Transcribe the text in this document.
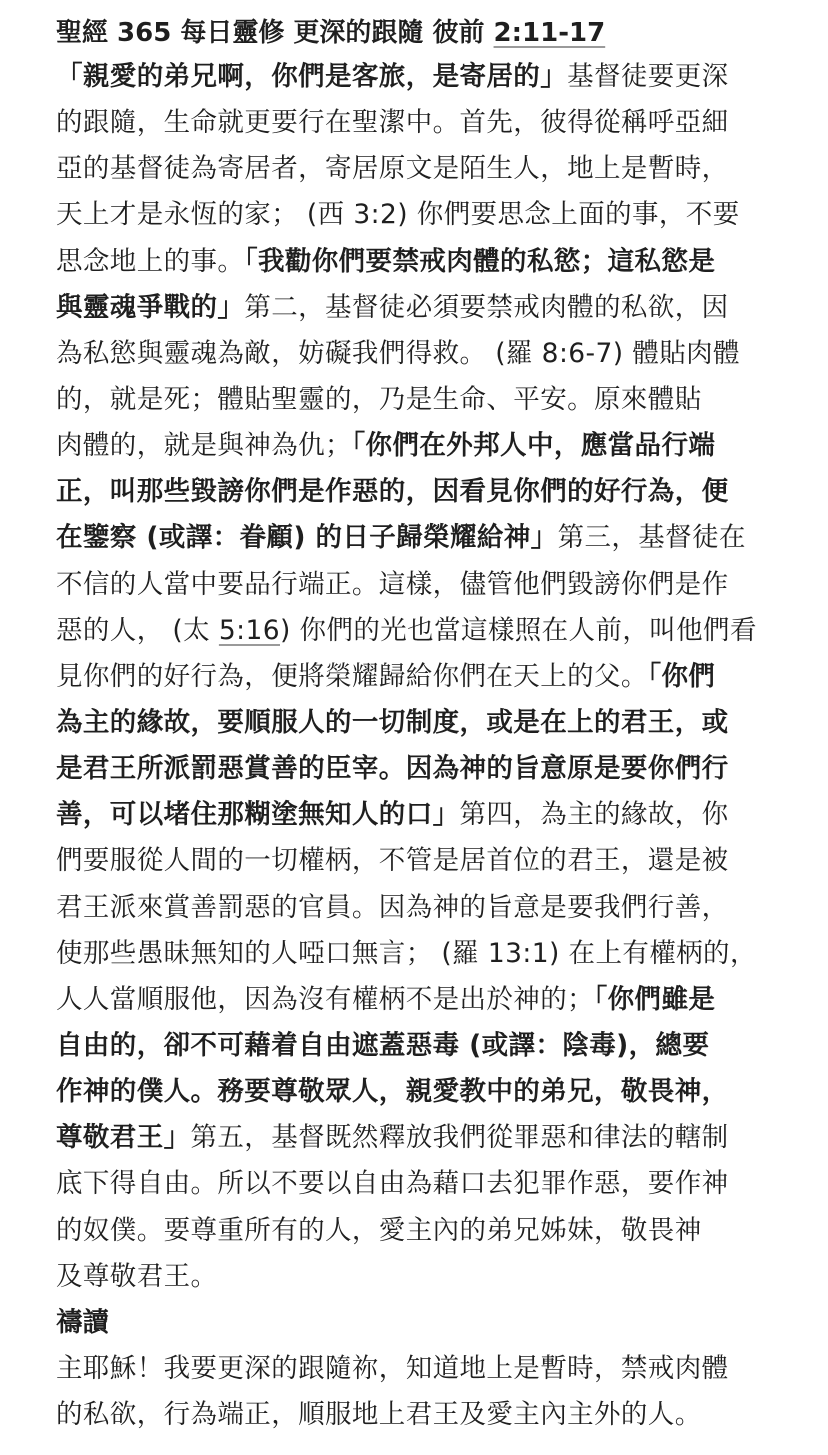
聖經 365 每日靈修 更深的跟隨 彼前 2:11-17
「親愛的弟兄啊，你們是客旅，是寄居的」基督徒要更深
的跟隨，生命就更要行在聖潔中。首先，彼得從稱呼亞細
亞的基督徒為寄居者，寄居原文是陌生人，地上是暫時，
天上才是永恆的家； (西 3:2) 你們要思念上面的事，不要
思念地上的事。「我勸你們要禁戒肉體的私慾；這私慾是
與靈魂爭戰的」第二，基督徒必須要禁戒肉體的私欲，因
為私慾與靈魂為敵，妨礙我們得救。 (羅 8:6-7) 體貼肉體
的，就是死；體貼聖靈的，乃是生命、平安。原來體貼
肉體的，就是與神為仇；「你們在外邦人中，應當品行端
正，叫那些毀謗你們是作惡的，因看見你們的好行為，便
在鑒察 (或譯：眷顧) 的日子歸榮耀給神」第三，基督徒在
不信的人當中要品行端正。這樣，儘管他們毀謗你們是作
惡的人， (太 5:16) 你們的光也當這樣照在人前，叫他們看
見你們的好行為，便將榮耀歸給你們在天上的父。「你們
為主的緣故，要順服人的一切制度，或是在上的君王，或
是君王所派罰惡賞善的臣宰。因為神的旨意原是要你們行
善，可以堵住那糊塗無知人的口」第四，為主的緣故，你
們要服從人間的一切權柄，不管是居首位的君王，還是被
君王派來賞善罰惡的官員。因為神的旨意是要我們行善，
使那些愚昧無知的人啞口無言； (羅 13:1) 在上有權柄的，
人人當順服他，因為沒有權柄不是出於神的；「你們雖是
自由的，卻不可藉着自由遮蓋惡毒 (或譯：陰毒)，總要
作神的僕人。務要尊敬眾人，親愛教中的弟兄，敬畏神，
尊敬君王」第五，基督既然釋放我們從罪惡和律法的轄制
底下得自由。所以不要以自由為藉口去犯罪作惡，要作神
的奴僕。要尊重所有的人，愛主內的弟兄姊妹，敬畏神
及尊敬君王。
禱讀
主耶穌！我要更深的跟隨祢，知道地上是暫時，禁戒肉體
的私欲，行為端正，順服地上君王及愛主內主外的人。
